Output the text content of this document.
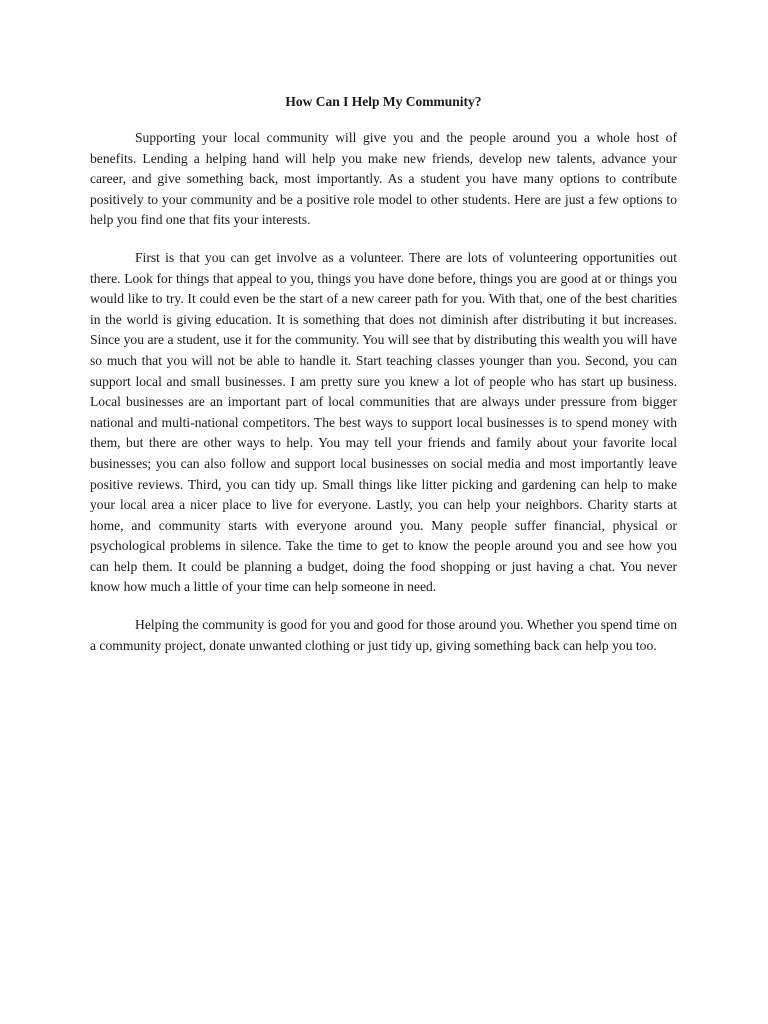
How Can I Help My Community?

Supporting your local community will give you and the people around you a whole host of benefits. Lending a helping hand will help you make new friends, develop new talents, advance your career, and give something back, most importantly. As a student you have many options to contribute positively to your community and be a positive role model to other students. Here are just a few options to help you find one that fits your interests.

First is that you can get involve as a volunteer. There are lots of volunteering opportunities out there. Look for things that appeal to you, things you have done before, things you are good at or things you would like to try. It could even be the start of a new career path for you. With that, one of the best charities in the world is giving education. It is something that does not diminish after distributing it but increases. Since you are a student, use it for the community. You will see that by distributing this wealth you will have so much that you will not be able to handle it. Start teaching classes younger than you. Second, you can support local and small businesses. I am pretty sure you knew a lot of people who has start up business. Local businesses are an important part of local communities that are always under pressure from bigger national and multi-national competitors. The best ways to support local businesses is to spend money with them, but there are other ways to help. You may tell your friends and family about your favorite local businesses; you can also follow and support local businesses on social media and most importantly leave positive reviews. Third, you can tidy up. Small things like litter picking and gardening can help to make your local area a nicer place to live for everyone. Lastly, you can help your neighbors. Charity starts at home, and community starts with everyone around you. Many people suffer financial, physical or psychological problems in silence. Take the time to get to know the people around you and see how you can help them. It could be planning a budget, doing the food shopping or just having a chat. You never know how much a little of your time can help someone in need.

Helping the community is good for you and good for those around you. Whether you spend time on a community project, donate unwanted clothing or just tidy up, giving something back can help you too.
